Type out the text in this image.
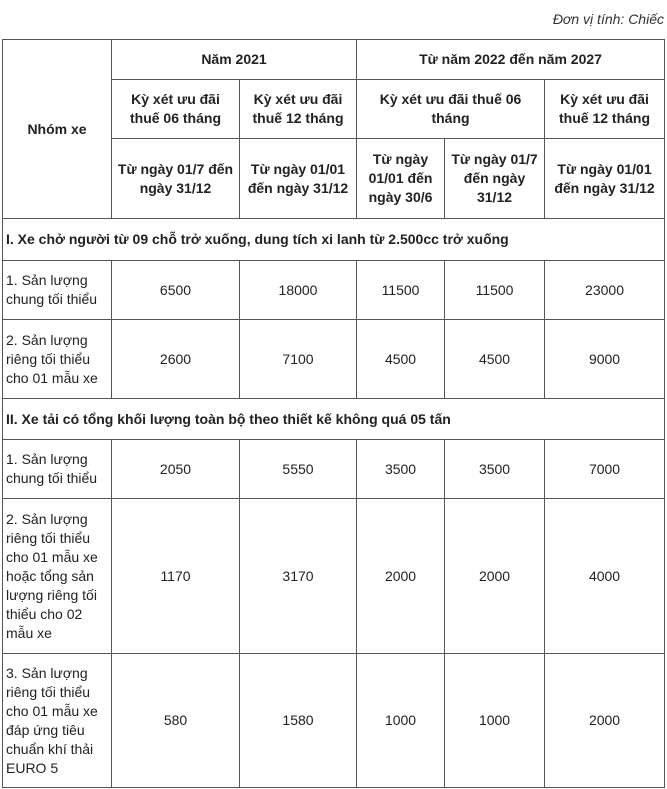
Đơn vị tính: Chiếc
Nhóm xe	Năm 2021		Từ năm 2022 đến năm 2027		
	Kỳ xét ưu đãi thuế 06 tháng	Kỳ xét ưu đãi thuế 12 tháng	Kỳ xét ưu đãi thuế 06 tháng		Kỳ xét ưu đãi thuế 12 tháng
	Từ ngày 01/7 đến ngày 31/12	Từ ngày 01/01 đến ngày 31/12	Từ ngày 01/01 đến ngày 30/6	Từ ngày 01/7 đến ngày 31/12	Từ ngày 01/01 đến ngày 31/12
I. Xe chở người từ 09 chỗ trở xuống, dung tích xi lanh từ 2.500cc trở xuống					
1. Sản lượng chung tối thiểu	6500	18000	11500	11500	23000
2. Sản lượng riêng tối thiểu cho 01 mẫu xe	2600	7100	4500	4500	9000
II. Xe tải có tổng khối lượng toàn bộ theo thiết kế không quá 05 tấn					
1. Sản lượng chung tối thiểu	2050	5550	3500	3500	7000
2. Sản lượng riêng tối thiểu cho 01 mẫu xe hoặc tổng sản lượng riêng tối thiểu cho 02 mẫu xe	1170	3170	2000	2000	4000
3. Sản lượng riêng tối thiểu cho 01 mẫu xe đáp ứng tiêu chuẩn khí thải EURO 5	580	1580	1000	1000	2000
